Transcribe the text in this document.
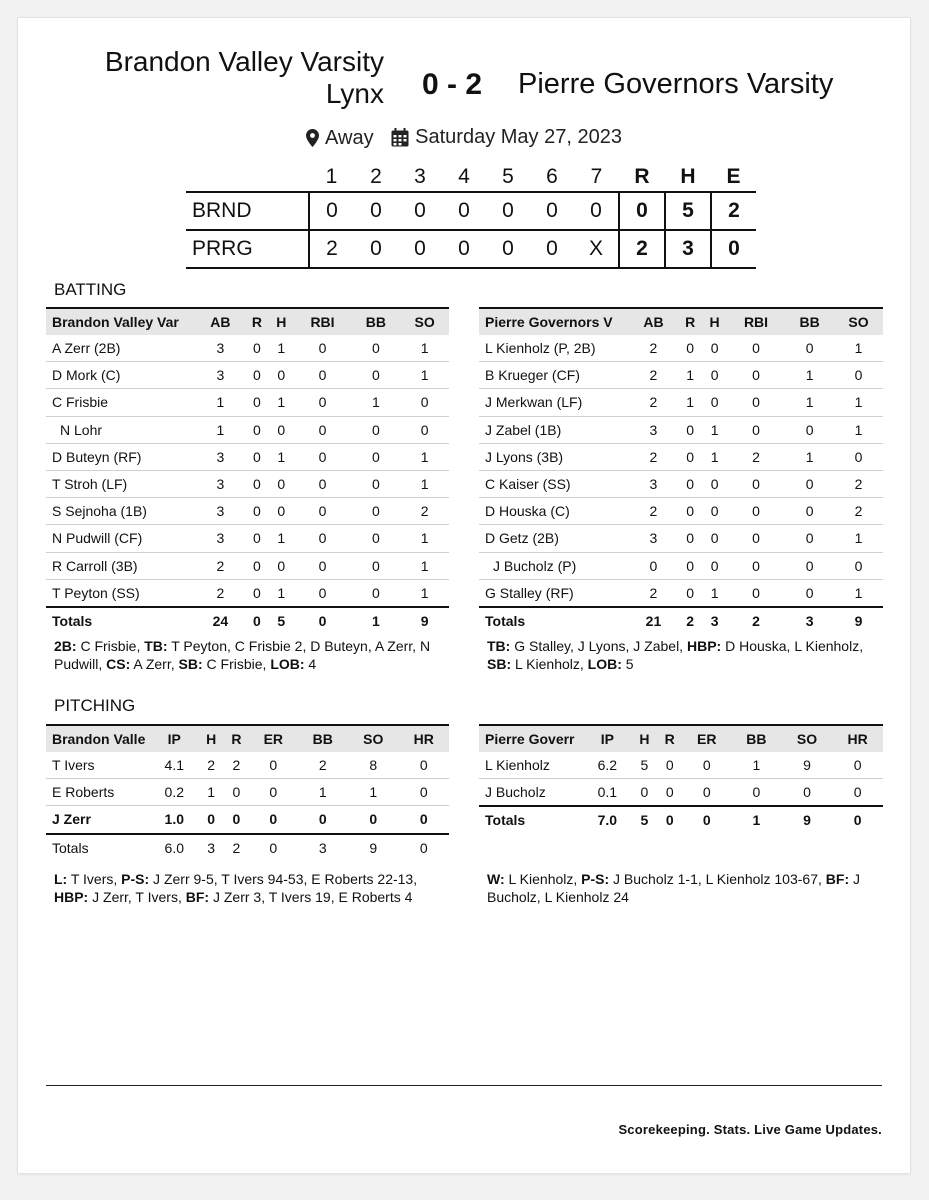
Brandon Valley Varsity
Lynx	0 - 2	Pierre Governors Varsity
Away
Saturday May 27, 2023
	1	2	3	4	5	6	7	R	H	E
BRND	0	0	0	0	0	0	0	0	5	2
PRRG	2	0	0	0	0	0	X	2	3	0
BATTING
Brandon Valley Var	AB	R	H	RBI	BB	SO
A Zerr (2B)	3	0	1	0	0	1
D Mork (C)	3	0	0	0	0	1
C Frisbie	1	0	1	0	1	0
N Lohr	1	0	0	0	0	0
D Buteyn (RF)	3	0	1	0	0	1
T Stroh (LF)	3	0	0	0	0	1
S Sejnoha (1B)	3	0	0	0	0	2
N Pudwill (CF)	3	0	1	0	0	1
R Carroll (3B)	2	0	0	0	0	1
T Peyton (SS)	2	0	1	0	0	1
Totals	24	0	5	0	1	9
Pierre Governors V	AB	R	H	RBI	BB	SO
L Kienholz (P, 2B)	2	0	0	0	0	1
B Krueger (CF)	2	1	0	0	1	0
J Merkwan (LF)	2	1	0	0	1	1
J Zabel (1B)	3	0	1	0	0	1
J Lyons (3B)	2	0	1	2	1	0
C Kaiser (SS)	3	0	0	0	0	2
D Houska (C)	2	0	0	0	0	2
D Getz (2B)	3	0	0	0	0	1
J Bucholz (P)	0	0	0	0	0	0
G Stalley (RF)	2	0	1	0	0	1
Totals	21	2	3	2	3	9
2B: C Frisbie, TB: T Peyton, C Frisbie 2, D Buteyn, A Zerr, N Pudwill, CS: A Zerr, SB: C Frisbie, LOB: 4
TB: G Stalley, J Lyons, J Zabel, HBP: D Houska, L Kienholz, SB: L Kienholz, LOB: 5
PITCHING
Brandon Valle	IP	H	R	ER	BB	SO	HR
T Ivers	4.1	2	2	0	2	8	0
E Roberts	0.2	1	0	0	1	1	0
J Zerr	1.0	0	0	0	0	0	0
Totals	6.0	3	2	0	3	9	0
Pierre Goverr	IP	H	R	ER	BB	SO	HR
L Kienholz	6.2	5	0	0	1	9	0
J Bucholz	0.1	0	0	0	0	0	0
Totals	7.0	5	0	0	1	9	0
L: T Ivers, P-S: J Zerr 9-5, T Ivers 94-53, E Roberts 22-13, HBP: J Zerr, T Ivers, BF: J Zerr 3, T Ivers 19, E Roberts 4
W: L Kienholz, P-S: J Bucholz 1-1, L Kienholz 103-67, BF: J Bucholz, L Kienholz 24
Scorekeeping. Stats. Live Game Updates.
